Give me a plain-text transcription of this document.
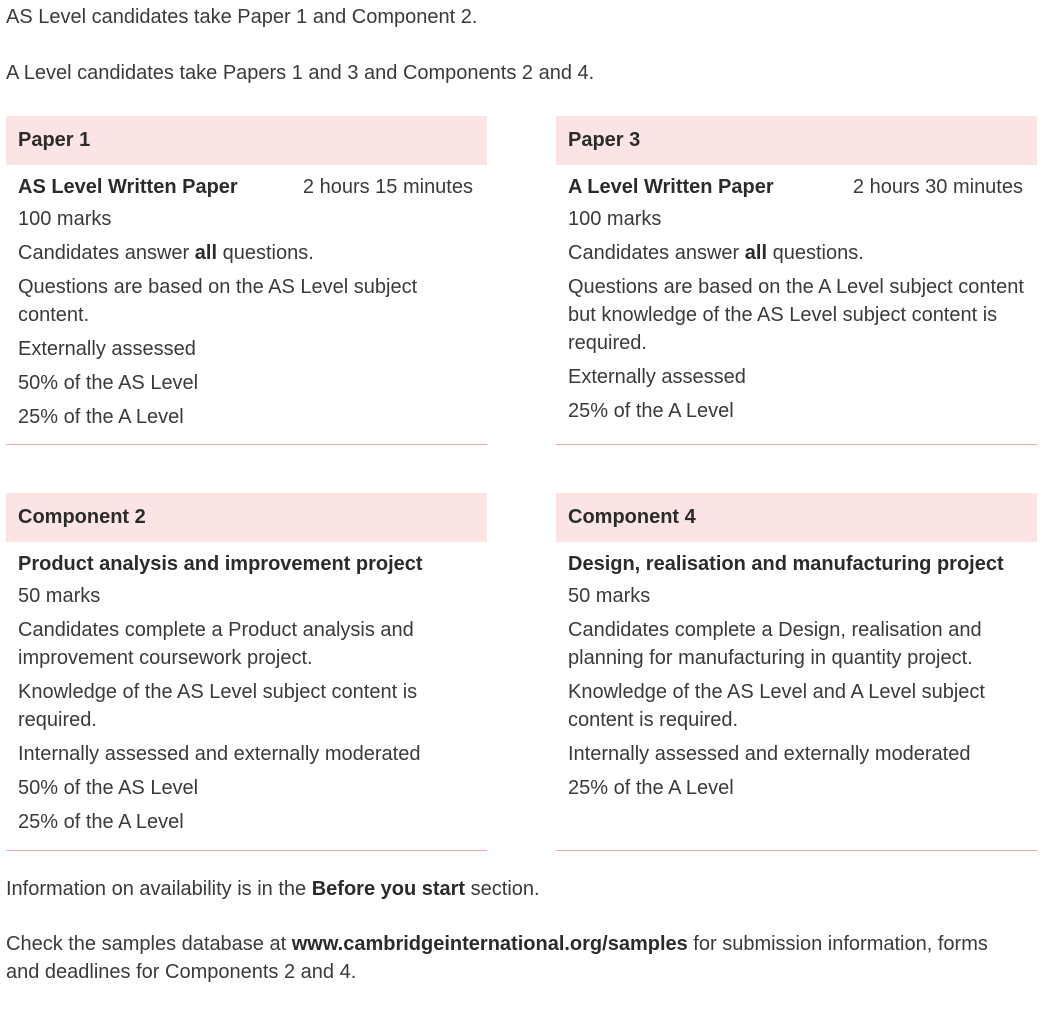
AS Level candidates take Paper 1 and Component 2.

A Level candidates take Papers 1 and 3 and Components 2 and 4.

Paper 1
AS Level Written Paper	2 hours 15 minutes

100 marks

Candidates answer all questions.

Questions are based on the AS Level subject content.

Externally assessed

50% of the AS Level

25% of the A Level

Paper 3
A Level Written Paper	2 hours 30 minutes

100 marks

Candidates answer all questions.

Questions are based on the A Level subject content but knowledge of the AS Level subject content is required.

Externally assessed

25% of the A Level

Component 2
Product analysis and improvement project

50 marks

Candidates complete a Product analysis and improvement coursework project.

Knowledge of the AS Level subject content is required.

Internally assessed and externally moderated

50% of the AS Level

25% of the A Level

Component 4
Design, realisation and manufacturing project

50 marks

Candidates complete a Design, realisation and planning for manufacturing in quantity project.

Knowledge of the AS Level and A Level subject content is required.

Internally assessed and externally moderated

25% of the A Level

Information on availability is in the Before you start section.

Check the samples database at www.cambridgeinternational.org/samples for submission information, forms and deadlines for Components 2 and 4.
